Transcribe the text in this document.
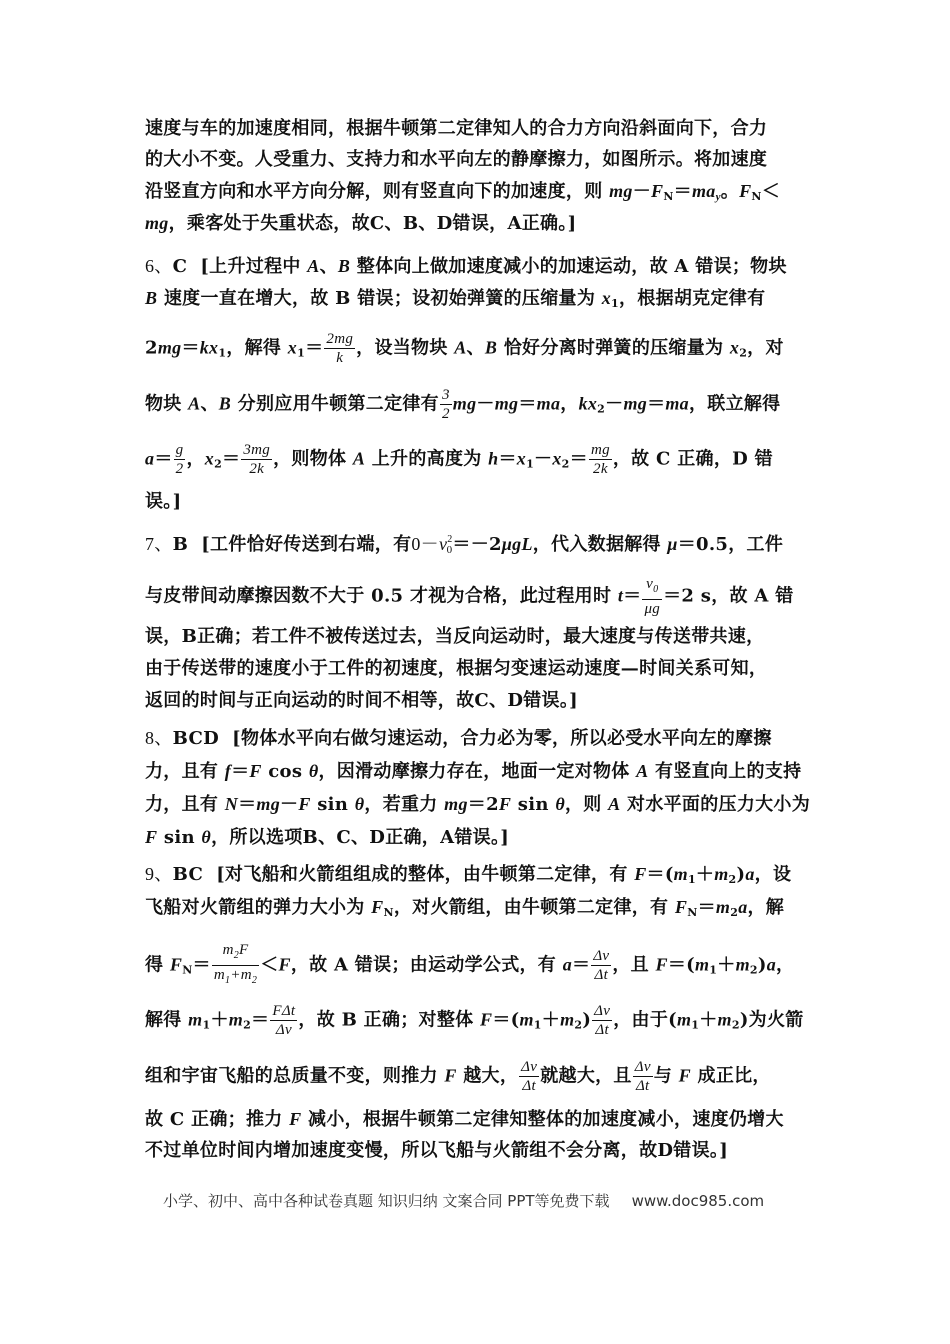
速度与车的加速度相同，根据牛顿第二定律知人的合力方向沿斜面向下，合力
的大小不变。人受重力、支持力和水平向左的静摩擦力，如图所示。将加速度
沿竖直方向和水平方向分解，则有竖直向下的加速度，则 $mg-F_N=ma_y$。$F_N<$
mg，乘客处于失重状态，故C、B、D错误，A正确。]
6、C  [上升过程中 A、B 整体向上做加速度减小的加速运动，故 A 错误；物块
B 速度一直在增大，故 B 错误；设初始弹簧的压缩量为 $x_1$，根据胡克定律有
$2mg=kx_1$，解得 $x_1= \frac{2mg}{k}$ ，设当物块 A、B 恰好分离时弹簧的压缩量为 $x_2$，对
物块 A、B 分别应用牛顿第二定律有 $\frac{3}{2} mg-mg=ma$，$kx_2-mg=ma$，联立解得
$a= \frac{g}{2}$ ，$x_2= \frac{3mg}{2k}$ ，则物体 A 上升的高度为 $h=x_1-x_2= \frac{mg}{2k}$ ，故 C 正确，D 错
误。]
7、B  [工件恰好传送到右端，有$0-v^2_0=-2\mu gL$，代入数据解得 μ＝0.5，工件
与皮带间动摩擦因数不大于 0.5 才视为合格，此过程用时 $t= \frac{v_0}{\mu g} =2$ s，故 A 错
误，B正确；若工件不被传送过去，当反向运动时，最大速度与传送带共速，
由于传送带的速度小于工件的初速度，根据匀变速运动速度—时间关系可知，
返回的时间与正向运动的时间不相等，故C、D错误。]
8、BCD  [物体水平向右做匀速运动，合力必为零，所以必受水平向左的摩擦
力，且有 f＝F cos θ，因滑动摩擦力存在，地面一定对物体 A 有竖直向上的支持
力，且有 N＝mg－F sin θ，若重力 mg＝2F sin θ，则 A 对水平面的压力大小为
F sin θ，所以选项B、C、D正确，A错误。]
9、BC  [对飞船和火箭组组成的整体，由牛顿第二定律，有 $F=(m_1+m_2)a$，设
飞船对火箭组的弹力大小为 $F_N$，对火箭组，由牛顿第二定律，有 $F_N=m_2a$，解
得 $F_N= \frac{m_2F}{m_1+m_2} <F$，故 A 错误；由运动学公式，有 $a= \frac{\Delta v}{\Delta t}$ ，且 $F=(m_1+m_2)a$，
解得 $m_1+m_2= \frac{\text{FΔt}}{\Delta v}$ ，故 B 正确；对整体 $F=(m_1+m_2) \frac{\Delta v}{\Delta t}$ ，由于$(m_1+m_2)$为火箭
组和宇宙飞船的总质量不变，则推力 F 越大， $\frac{\Delta v}{\Delta t}$ 就越大，且 $\frac{\Delta v}{\Delta t}$ 与 F 成正比，
故 C 正确；推力 F 减小，根据牛顿第二定律知整体的加速度减小，速度仍增大
不过单位时间内增加速度变慢，所以飞船与火箭组不会分离，故D错误。]
小学、初中、高中各种试卷真题 知识归纳 文案合同 PPT等免费下载 www.doc985.com
